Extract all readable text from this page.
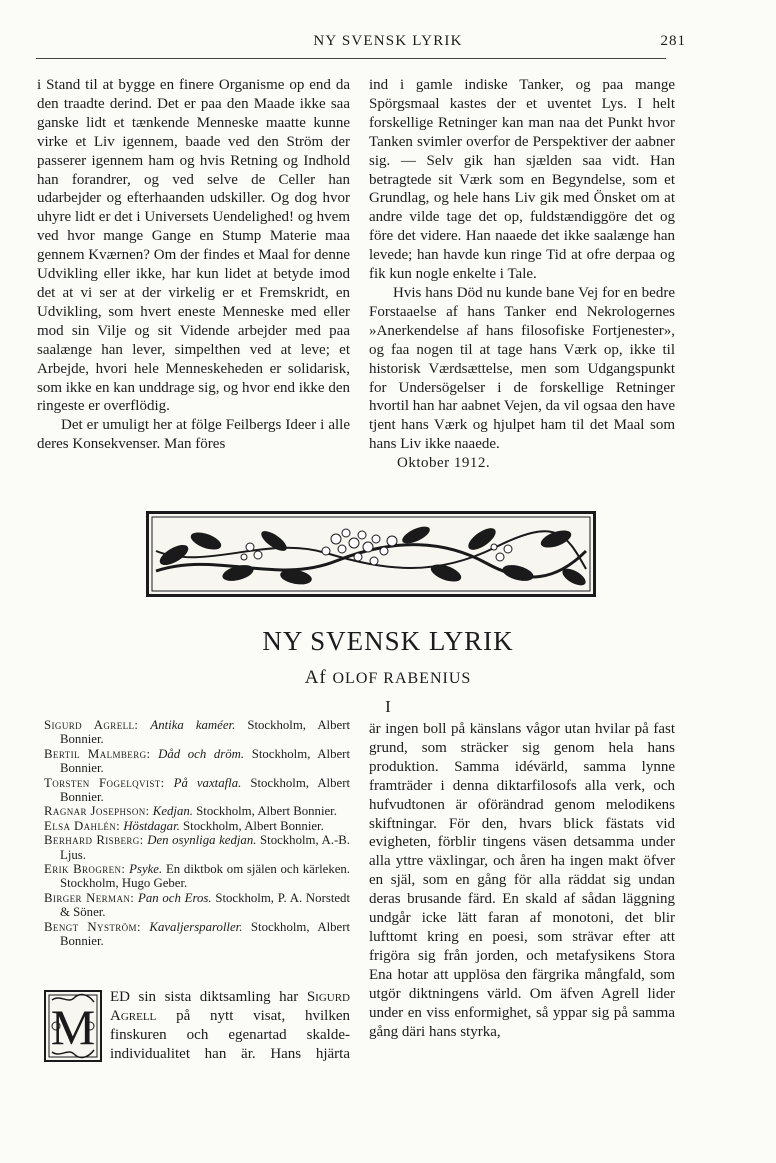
NY SVENSK LYRIK	281

i Stand til at bygge en finere Organisme op end da den traadte derind. Det er paa den Maade ikke saa ganske lidt et tænkende Menneske maatte kunne virke et Liv igennem, baade ved den Ström der passerer igennem ham og hvis Retning og Indhold han forandrer, og ved selve de Celler han udarbejder og efterhaanden udskiller. Og dog hvor uhyre lidt er det i Universets Uendelighed! og hvem ved hvor mange Gange en Stump Materie maa gennem Kværnen? Om der findes et Maal for denne Udvikling eller ikke, har kun lidet at betyde imod det at vi ser at der virkelig er et Fremskridt, en Udvikling, som hvert eneste Menneske med eller mod sin Vilje og sit Vidende arbejder med paa saalænge han lever, simpelthen ved at leve; et Arbejde, hvori hele Menneskeheden er solidarisk, som ikke en kan unddrage sig, og hvor end ikke den ringeste er overflödig.

Det er umuligt her at fölge Feilbergs Ideer i alle deres Konsekvenser. Man föres

ind i gamle indiske Tanker, og paa mange Spörgsmaal kastes der et uventet Lys. I helt forskellige Retninger kan man naa det Punkt hvor Tanken svimler overfor de Perspektiver der aabner sig. — Selv gik han sjælden saa vidt. Han betragtede sit Værk som en Begyndelse, som et Grundlag, og hele hans Liv gik med Önsket om at andre vilde tage det op, fuldstændiggöre det og före det videre. Han naaede det ikke saalænge han levede; han havde kun ringe Tid at ofre derpaa og fik kun nogle enkelte i Tale.

Hvis hans Död nu kunde bane Vej for en bedre Forstaaelse af hans Tanker end Nekrologernes »Anerkendelse af hans filosofiske Fortjenester», og faa nogen til at tage hans Værk op, ikke til historisk Værdsættelse, men som Udgangspunkt for Undersögelser i de forskellige Retninger hvortil han har aabnet Vejen, da vil ogsaa den have tjent hans Værk og hjulpet ham til det Maal som hans Liv ikke naaede.

Oktober 1912.

NY SVENSK LYRIK
Af OLOF RABENIUS
I
Sigurd Agrell: Antika kaméer. Stockholm, Albert Bonnier.
Bertil Malmberg: Dåd och dröm. Stockholm, Albert Bonnier.
Torsten Fogelqvist: På vaxtafla. Stockholm, Albert Bonnier.
Ragnar Josephson: Kedjan. Stockholm, Albert Bonnier.
Elsa Dahlén: Höstdagar. Stockholm, Albert Bonnier.
Berhard Risberg: Den osynliga kedjan. Stockholm, A.-B. Ljus.
Erik Brogren: Psyke. En diktbok om själen och kärleken. Stockholm, Hugo Geber.
Birger Nerman: Pan och Eros. Stockholm, P. A. Norstedt & Söner.
Bengt Nyström: Kavaljersparoller. Stockholm, Albert Bonnier.
M
ED sin sista diktsamling har Sigurd
Agrell på nytt visat, hvilken
finskuren och egenartad skalde-
individualitet han är. Hans hjärta

är ingen boll på känslans vågor utan hvilar på fast grund, som sträcker sig genom hela hans produktion. Samma idévärld, samma lynne framträder i denna diktarfilosofs alla verk, och hufvudtonen är oförändrad genom melodikens skiftningar. För den, hvars blick fästats vid evigheten, förblir tingens väsen detsamma under alla yttre växlingar, och åren ha ingen makt öfver en själ, som en gång för alla räddat sig undan deras brusande färd. En skald af sådan läggning undgår icke lätt faran af monotoni, det blir lufttomt kring en poesi, som strävar efter att frigöra sig från jorden, och metafysikens Stora Ena hotar att upplösa den färgrika mångfald, som utgör diktningens värld. Om äfven Agrell lider under en viss enformighet, så yppar sig på samma gång däri hans styrka,
